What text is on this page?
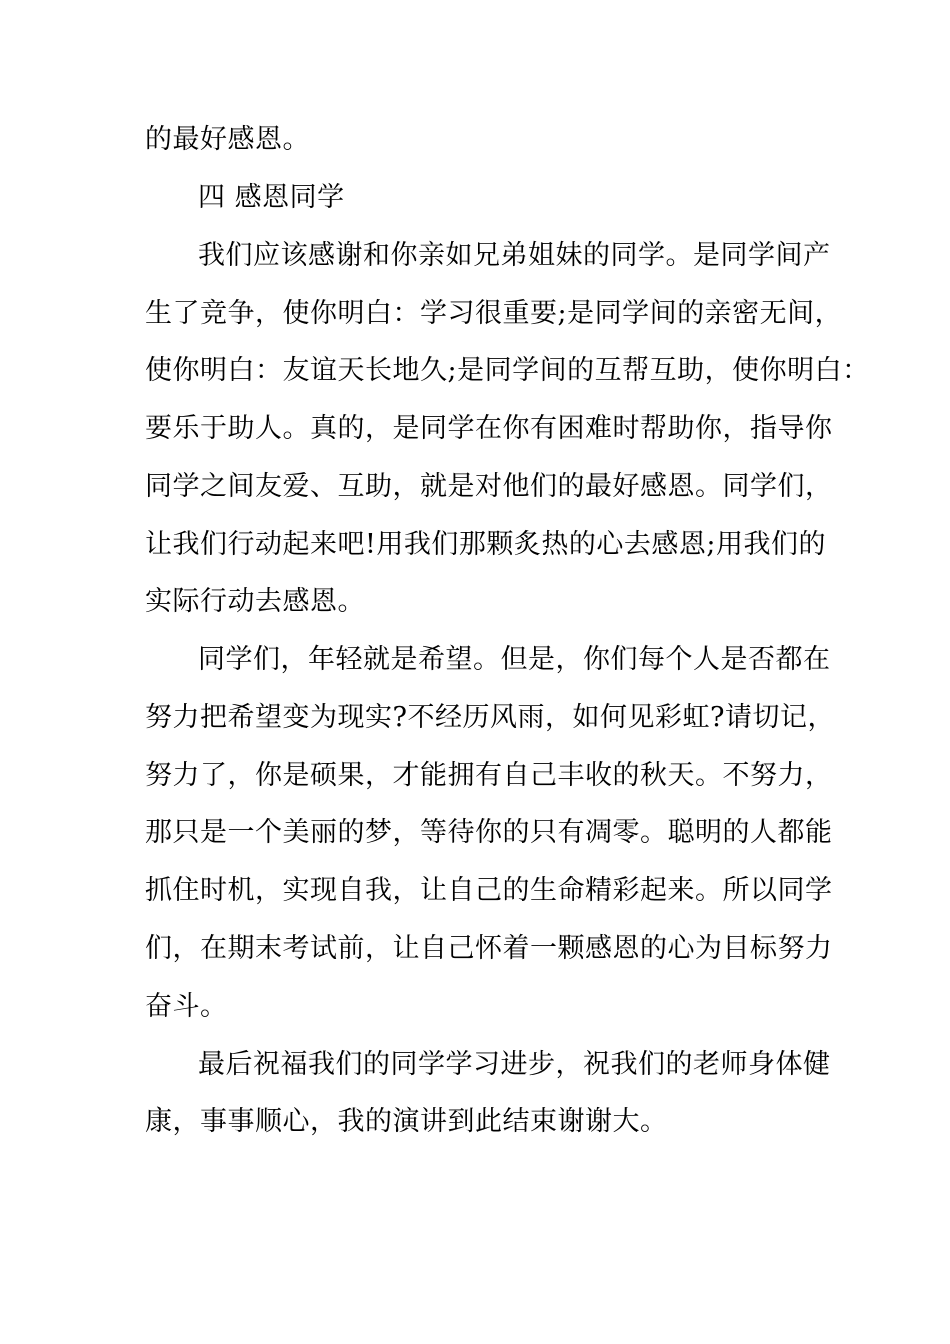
的最好感恩。
四 感恩同学
我们应该感谢和你亲如兄弟姐妹的同学。是同学间产
生了竞争，使你明白：学习很重要;是同学间的亲密无间，
使你明白：友谊天长地久;是同学间的互帮互助，使你明白：
要乐于助人。真的，是同学在你有困难时帮助你，指导你
同学之间友爱、互助，就是对他们的最好感恩。同学们，
让我们行动起来吧!用我们那颗炙热的心去感恩;用我们的
实际行动去感恩。
同学们，年轻就是希望。但是，你们每个人是否都在
努力把希望变为现实?不经历风雨，如何见彩虹?请切记，
努力了，你是硕果，才能拥有自己丰收的秋天。不努力，
那只是一个美丽的梦，等待你的只有凋零。聪明的人都能
抓住时机，实现自我，让自己的生命精彩起来。所以同学
们，在期末考试前，让自己怀着一颗感恩的心为目标努力
奋斗。
最后祝福我们的同学学习进步，祝我们的老师身体健
康，事事顺心，我的演讲到此结束谢谢大。
